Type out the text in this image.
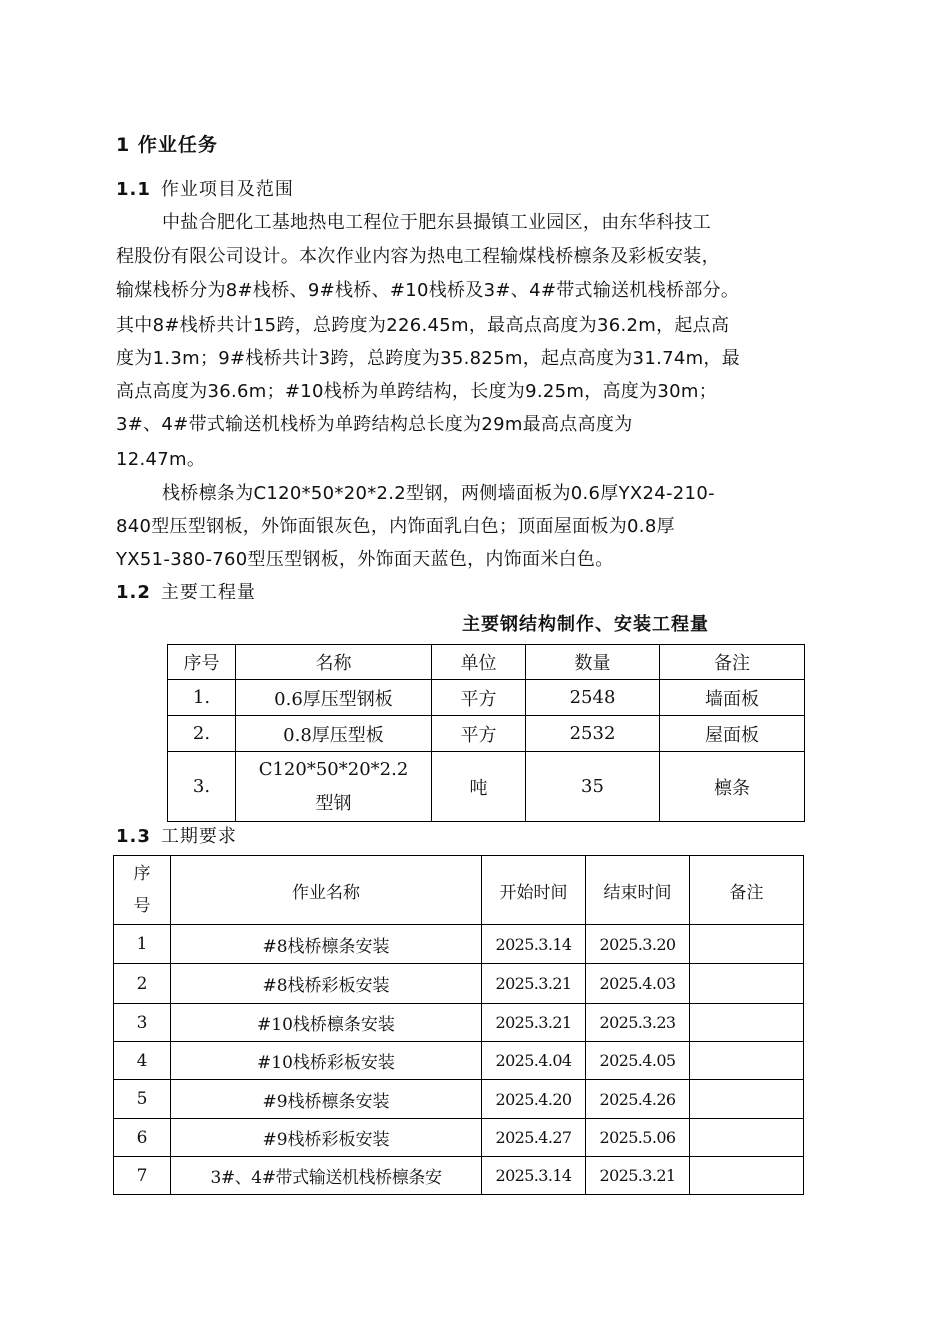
1 作业任务
1.1 作业项目及范围
中盐合肥化工基地热电工程位于肥东县撮镇工业园区，由东华科技工
程股份有限公司设计。本次作业内容为热电工程输煤栈桥檩条及彩板安装，
输煤栈桥分为8#栈桥、9#栈桥、#10栈桥及3#、4#带式输送机栈桥部分。
其中8#栈桥共计15跨，总跨度为226.45m，最高点高度为36.2m，起点高
度为1.3m；9#栈桥共计3跨，总跨度为35.825m，起点高度为31.74m，最
高点高度为36.6m；#10栈桥为单跨结构，长度为9.25m，高度为30m；
3#、4#带式输送机栈桥为单跨结构总长度为29m最高点高度为
12.47m。
栈桥檩条为C120*50*20*2.2型钢，两侧墙面板为0.6厚YX24-210-
840型压型钢板，外饰面银灰色，内饰面乳白色；顶面屋面板为0.8厚
YX51-380-760型压型钢板，外饰面天蓝色，内饰面米白色。
1.2 主要工程量
主要钢结构制作、安装工程量
序号	名称	单位	数量	备注
1.	0.6厚压型钢板	平方	2548	墙面板
2.	0.8厚压型板	平方	2532	屋面板
3.	C120*50*20*2.2型钢	吨	35	檩条
1.3 工期要求
序号	作业名称	开始时间	结束时间	备注
1	#8栈桥檩条安装	2025.3.14	2025.3.20	
2	#8栈桥彩板安装	2025.3.21	2025.4.03	
3	#10栈桥檩条安装	2025.3.21	2025.3.23	
4	#10栈桥彩板安装	2025.4.04	2025.4.05	
5	#9栈桥檩条安装	2025.4.20	2025.4.26	
6	#9栈桥彩板安装	2025.4.27	2025.5.06	
7	3#、4#带式输送机栈桥檩条安	2025.3.14	2025.3.21	
